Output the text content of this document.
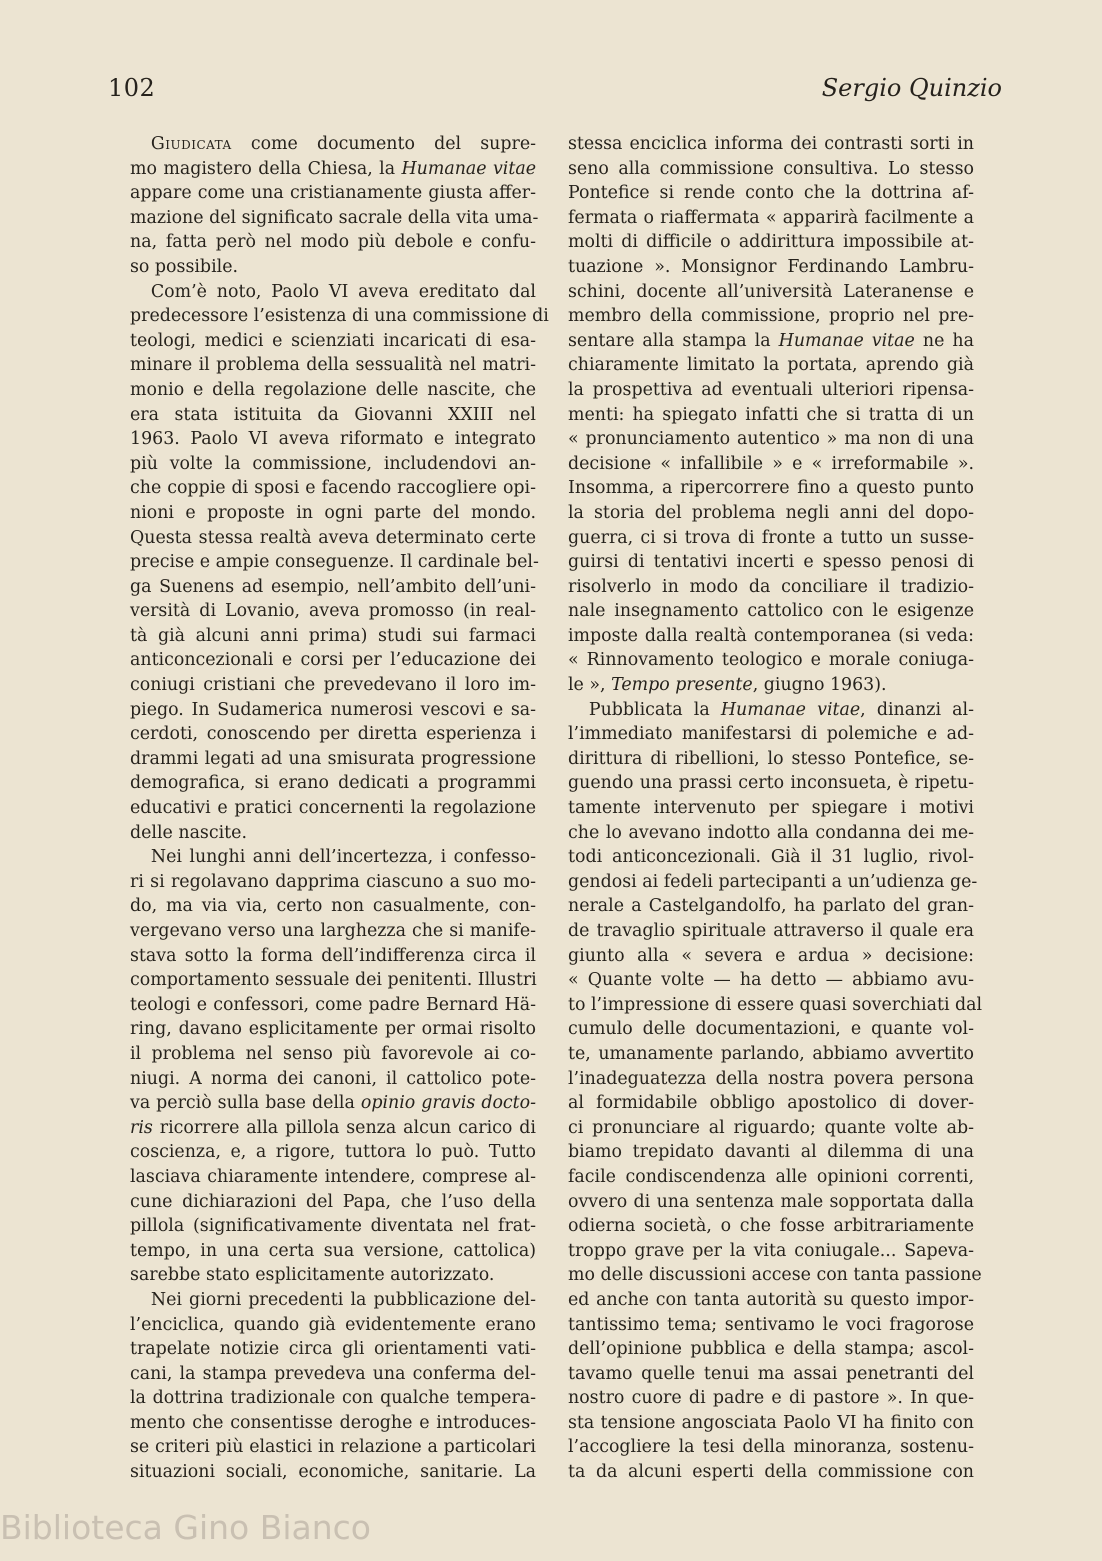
102	Sergio Quinzio
Giudicata come documento del supre-
mo magistero della Chiesa, la Humanae vitae
appare come una cristianamente giusta affer-
mazione del significato sacrale della vita uma-
na, fatta però nel modo più debole e confu-
so possibile.
Com’è noto, Paolo VI aveva ereditato dal
predecessore l’esistenza di una commissione di
teologi, medici e scienziati incaricati di esa-
minare il problema della sessualità nel matri-
monio e della regolazione delle nascite, che
era stata istituita da Giovanni XXIII nel
1963. Paolo VI aveva riformato e integrato
più volte la commissione, includendovi an-
che coppie di sposi e facendo raccogliere opi-
nioni e proposte in ogni parte del mondo.
Questa stessa realtà aveva determinato certe
precise e ampie conseguenze. Il cardinale bel-
ga Suenens ad esempio, nell’ambito dell’uni-
versità di Lovanio, aveva promosso (in real-
tà già alcuni anni prima) studi sui farmaci
anticoncezionali e corsi per l’educazione dei
coniugi cristiani che prevedevano il loro im-
piego. In Sudamerica numerosi vescovi e sa-
cerdoti, conoscendo per diretta esperienza i
drammi legati ad una smisurata progressione
demografica, si erano dedicati a programmi
educativi e pratici concernenti la regolazione
delle nascite.
Nei lunghi anni dell’incertezza, i confesso-
ri si regolavano dapprima ciascuno a suo mo-
do, ma via via, certo non casualmente, con-
vergevano verso una larghezza che si manife-
stava sotto la forma dell’indifferenza circa il
comportamento sessuale dei penitenti. Illustri
teologi e confessori, come padre Bernard Hä-
ring, davano esplicitamente per ormai risolto
il problema nel senso più favorevole ai co-
niugi. A norma dei canoni, il cattolico pote-
va perciò sulla base della opinio gravis doctο-
ris ricorrere alla pillola senza alcun carico di
coscienza, e, a rigore, tuttora lo può. Tutto
lasciava chiaramente intendere, comprese al-
cune dichiarazioni del Papa, che l’uso della
pillola (significativamente diventata nel frat-
tempo, in una certa sua versione, cattolica)
sarebbe stato esplicitamente autorizzato.
Nei giorni precedenti la pubblicazione del-
l’enciclica, quando già evidentemente erano
trapelate notizie circa gli orientamenti vati-
cani, la stampa prevedeva una conferma del-
la dottrina tradizionale con qualche tempera-
mento che consentisse deroghe e introduces-
se criteri più elastici in relazione a particolari
situazioni sociali, economiche, sanitarie. La
stessa enciclica informa dei contrasti sorti in
seno alla commissione consultiva. Lo stesso
Pontefice si rende conto che la dottrina af-
fermata o riaffermata « apparirà facilmente a
molti di difficile o addirittura impossibile at-
tuazione ». Monsignor Ferdinando Lambru-
schini, docente all’università Lateranense e
membro della commissione, proprio nel pre-
sentare alla stampa la Humanae vitae ne ha
chiaramente limitato la portata, aprendo già
la prospettiva ad eventuali ulteriori ripensa-
menti: ha spiegato infatti che si tratta di un
« pronunciamento autentico » ma non di una
decisione « infallibile » e « irreformabile ».
Insomma, a ripercorrere fino a questo punto
la storia del problema negli anni del dopo-
guerra, ci si trova di fronte a tutto un susse-
guirsi di tentativi incerti e spesso penosi di
risolverlo in modo da conciliare il tradizio-
nale insegnamento cattolico con le esigenze
imposte dalla realtà contemporanea (si veda:
« Rinnovamento teologico e morale coniuga-
le », Tempo presente, giugno 1963).
Pubblicata la Humanae vitae, dinanzi al-
l’immediato manifestarsi di polemiche e ad-
dirittura di ribellioni, lo stesso Pontefice, se-
guendo una prassi certo inconsueta, è ripetu-
tamente intervenuto per spiegare i motivi
che lo avevano indotto alla condanna dei me-
todi anticoncezionali. Già il 31 luglio, rivol-
gendosi ai fedeli partecipanti a un’udienza ge-
nerale a Castelgandolfo, ha parlato del gran-
de travaglio spirituale attraverso il quale era
giunto alla « severa e ardua » decisione:
« Quante volte — ha detto — abbiamo avu-
to l’impressione di essere quasi soverchiati dal
cumulo delle documentazioni, e quante vol-
te, umanamente parlando, abbiamo avvertito
l’inadeguatezza della nostra povera persona
al formidabile obbligo apostolico di dover-
ci pronunciare al riguardo; quante volte ab-
biamo trepidato davanti al dilemma di una
facile condiscendenza alle opinioni correnti,
ovvero di una sentenza male sopportata dalla
odierna società, o che fosse arbitrariamente
troppo grave per la vita coniugale... Sapeva-
mo delle discussioni accese con tanta passione
ed anche con tanta autorità su questo impor-
tantissimo tema; sentivamo le voci fragorose
dell’opinione pubblica e della stampa; ascol-
tavamo quelle tenui ma assai penetranti del
nostro cuore di padre e di pastore ». In que-
sta tensione angosciata Paolo VI ha finito con
l’accogliere la tesi della minoranza, sostenu-
ta da alcuni esperti della commissione con
Biblioteca Gino Bianco
